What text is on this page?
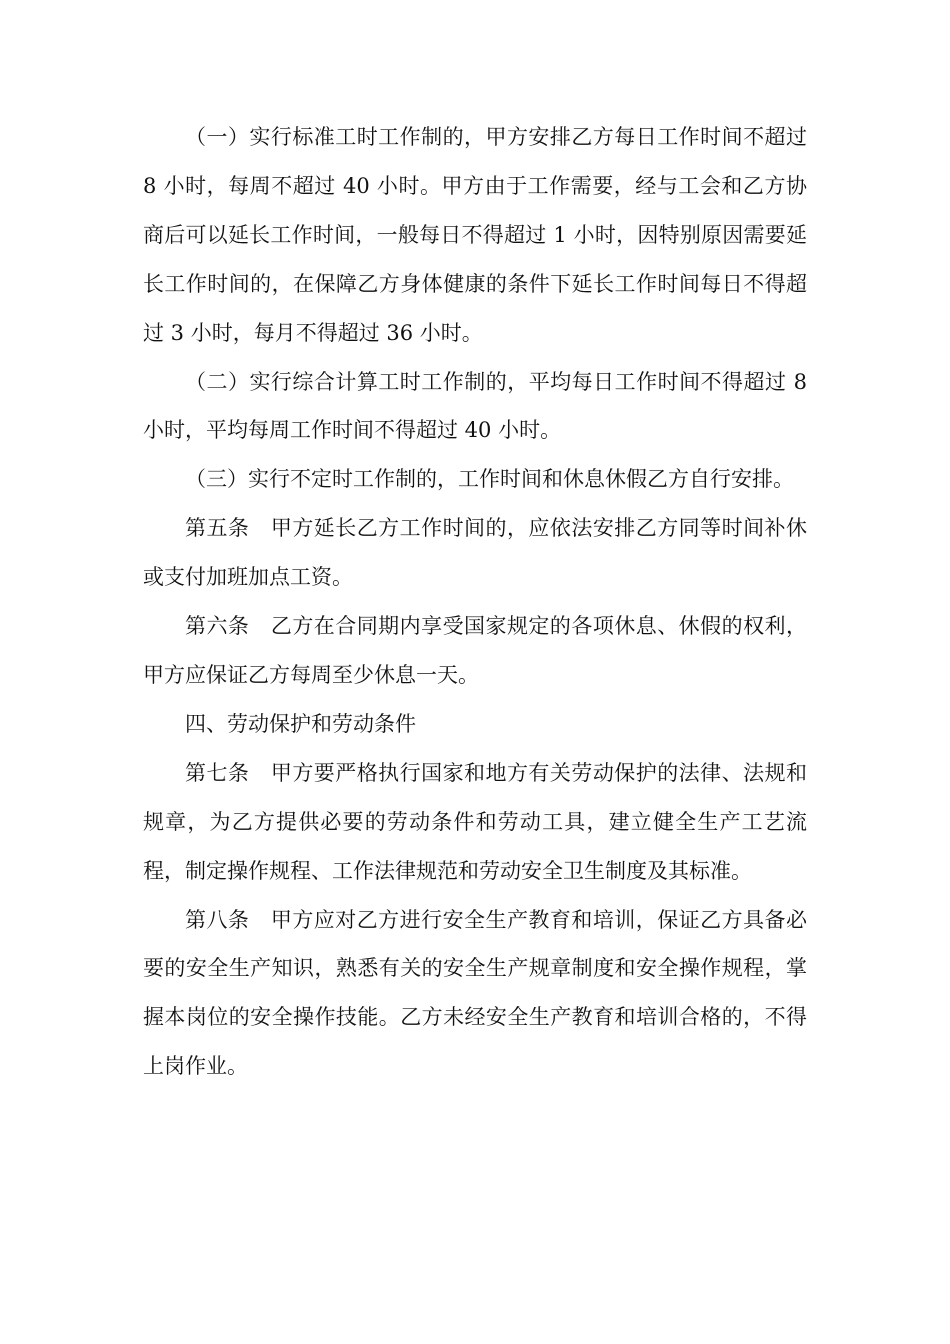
（一）实行标准工时工作制的，甲方安排乙方每日工作时间不超过 8 小时，每周不超过 40 小时。甲方由于工作需要，经与工会和乙方协商后可以延长工作时间，一般每日不得超过 1 小时，因特别原因需要延长工作时间的，在保障乙方身体健康的条件下延长工作时间每日不得超过 3 小时，每月不得超过 36 小时。

（二）实行综合计算工时工作制的，平均每日工作时间不得超过 8 小时，平均每周工作时间不得超过 40 小时。

（三）实行不定时工作制的，工作时间和休息休假乙方自行安排。

第五条　甲方延长乙方工作时间的，应依法安排乙方同等时间补休或支付加班加点工资。

第六条　乙方在合同期内享受国家规定的各项休息、休假的权利，甲方应保证乙方每周至少休息一天。

四、劳动保护和劳动条件

第七条　甲方要严格执行国家和地方有关劳动保护的法律、法规和规章，为乙方提供必要的劳动条件和劳动工具，建立健全生产工艺流程，制定操作规程、工作法律规范和劳动安全卫生制度及其标准。

第八条　甲方应对乙方进行安全生产教育和培训，保证乙方具备必要的安全生产知识，熟悉有关的安全生产规章制度和安全操作规程，掌握本岗位的安全操作技能。乙方未经安全生产教育和培训合格的，不得上岗作业。
